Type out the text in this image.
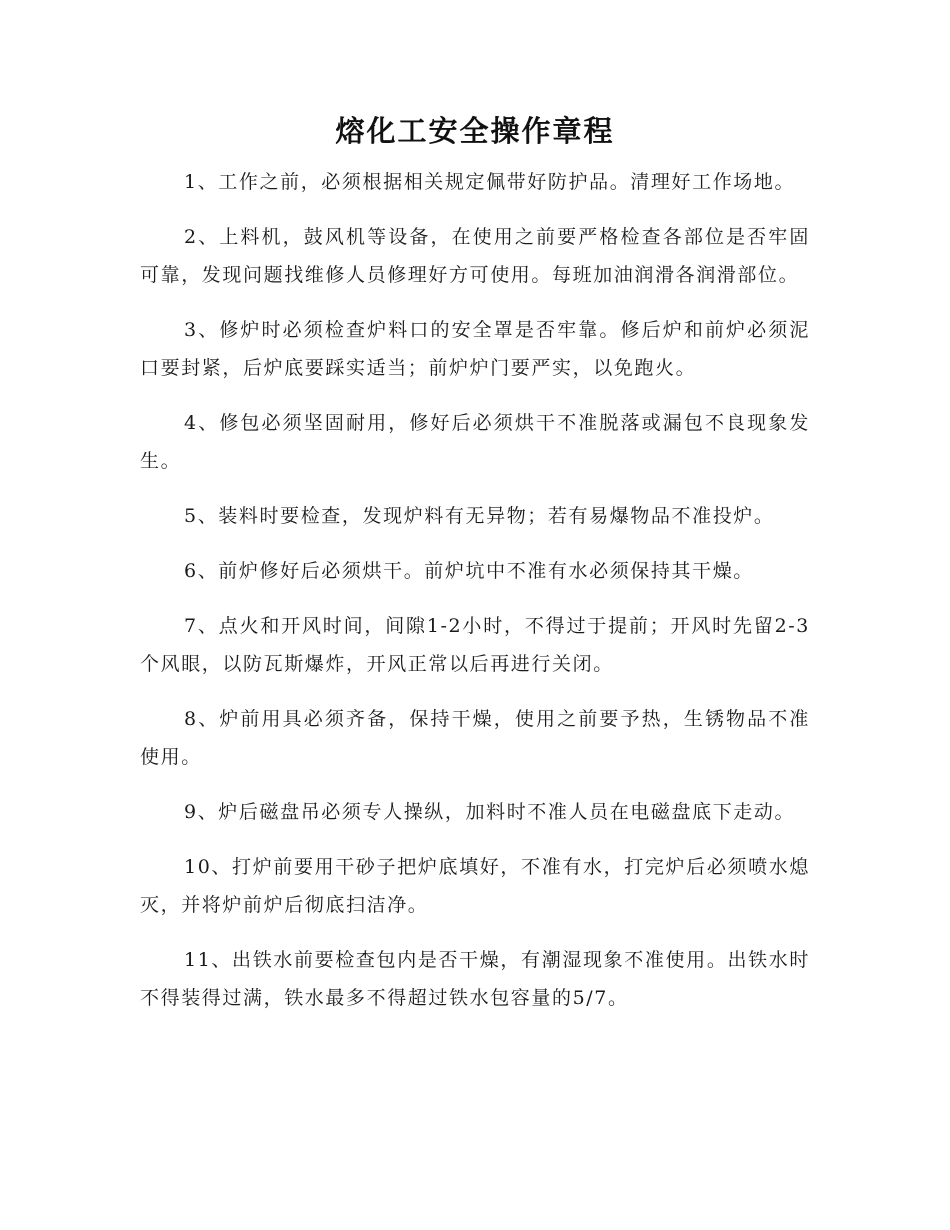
熔化工安全操作章程

1、工作之前，必须根据相关规定佩带好防护品。清理好工作场地。

2、上料机，鼓风机等设备，在使用之前要严格检查各部位是否牢固可靠，发现问题找维修人员修理好方可使用。每班加油润滑各润滑部位。

3、修炉时必须检查炉料口的安全罩是否牢靠。修后炉和前炉必须泥口要封紧，后炉底要踩实适当；前炉炉门要严实，以免跑火。

4、修包必须坚固耐用，修好后必须烘干不准脱落或漏包不良现象发生。

5、装料时要检查，发现炉料有无异物；若有易爆物品不准投炉。

6、前炉修好后必须烘干。前炉坑中不准有水必须保持其干燥。

7、点火和开风时间，间隙1-2小时，不得过于提前；开风时先留2-3个风眼，以防瓦斯爆炸，开风正常以后再进行关闭。

8、炉前用具必须齐备，保持干燥，使用之前要予热，生锈物品不准使用。

9、炉后磁盘吊必须专人操纵，加料时不准人员在电磁盘底下走动。

10、打炉前要用干砂子把炉底填好，不准有水，打完炉后必须喷水熄灭，并将炉前炉后彻底扫洁净。

11、出铁水前要检查包内是否干燥，有潮湿现象不准使用。出铁水时不得装得过满，铁水最多不得超过铁水包容量的5/7。
